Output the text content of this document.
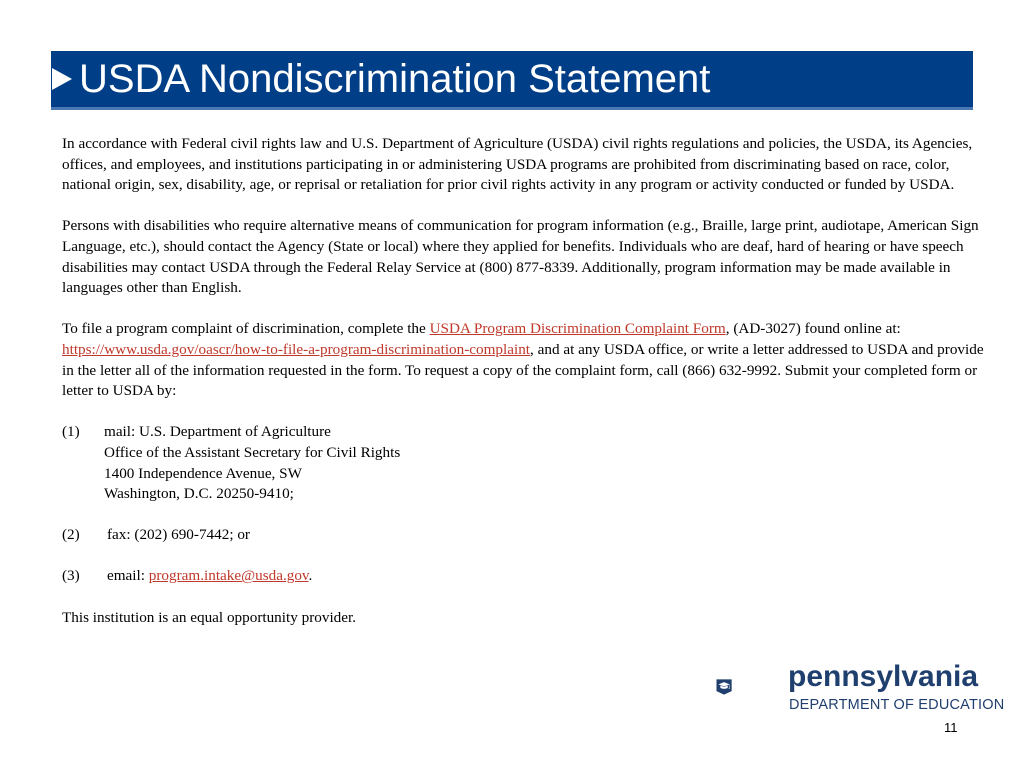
USDA Nondiscrimination Statement

In accordance with Federal civil rights law and U.S. Department of Agriculture (USDA) civil rights regulations and policies, the USDA, its Agencies, offices, and employees, and institutions participating in or administering USDA programs are prohibited from discriminating based on race, color, national origin, sex, disability, age, or reprisal or retaliation for prior civil rights activity in any program or activity conducted or funded by USDA.

Persons with disabilities who require alternative means of communication for program information (e.g., Braille, large print, audiotape, American Sign Language, etc.), should contact the Agency (State or local) where they applied for benefits. Individuals who are deaf, hard of hearing or have speech disabilities may contact USDA through the Federal Relay Service at (800) 877-8339. Additionally, program information may be made available in languages other than English.

To file a program complaint of discrimination, complete the USDA Program Discrimination Complaint Form, (AD-3027) found online at: https://www.usda.gov/oascr/how-to-file-a-program-discrimination-complaint, and at any USDA office, or write a letter addressed to USDA and provide in the letter all of the information requested in the form. To request a copy of the complaint form, call (866) 632-9992. Submit your completed form or letter to USDA by:

(1) mail: U.S. Department of Agriculture

Office of the Assistant Secretary for Civil Rights

1400 Independence Avenue, SW

Washington, D.C. 20250-9410;

(2) fax: (202) 690-7442; or

(3) email: program.intake@usda.gov.

This institution is an equal opportunity provider.

pennsylvania
DEPARTMENT OF EDUCATION
11
